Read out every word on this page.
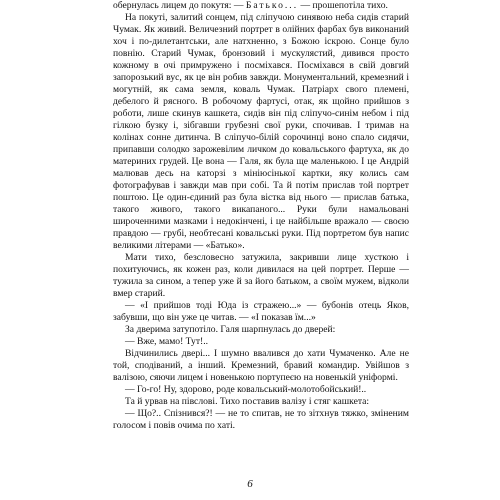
обернулась лицем до покутя: — Батько... — прошепотіла тихо.

На покуті, залитий сонцем, під сліпучою синявою неба сидів старий Чумак. Як живий. Величезний портрет в олійних фарбах був виконаний хоч і по-дилетантськи, але натхненно, з Божою іскрою. Сонце було повнію. Старий Чумак, бронзовий і мускулястий, дивився просто кожному в очі примружено і посміхався. Посміхався в свій довгий запорозький вус, як це він робив завжди. Монументальний, кремезний і могутній, як сама земля, коваль Чумак. Патріарх свого племені, дебелого й рясного. В робочому фартусі, отак, як щойно прийшов з роботи, лише скинув кашкета, сидів він під сліпучо-синім небом і під гілкою бузку і, зібгавши грубезні свої руки, спочивав. І тримав на колінах сонне дитинча. В сліпучо-білій сорочинці воно спало сидячи, припавши солодко зарожевілим личком до ковальського фартуха, як до материних грудей. Це вона — Галя, як була ще маленькою. І це Андрій малював десь на каторзі з мініюсінької картки, яку колись сам фотографував і завжди мав при собі. Та й потім прислав той портрет поштою. Це один-єдиний раз була вістка від нього — прислав батька, такого живого, такого викапаного... Руки були намальовані широченними мазками і недокінчені, і це найбільше вражало — своєю правдою — грубі, необтесані ковальські руки. Під портретом був напис великими літерами — «Батько».

Мати тихо, безсловесно затужила, закривши лице хусткою і похитуючись, як кожен раз, коли дивилася на цей портрет. Перше — тужила за сином, а тепер уже й за його батьком, а своїм мужем, відколи вмер старий.

— «І прийшов тоді Юда із стражею...» — бубонів отець Яков, забувши, що він уже це читав. — «І показав їм...»

За дверима затупотіло. Галя шарпнулась до дверей:

— Вже, мамо! Тут!..

Відчинились двері... І шумно ввалився до хати Чумаченко. Але не той, сподіваний, а інший. Кремезний, бравий командир. Увійшов з валізою, сяючи лицем і новенькою портупеєю на новенькій уніформі.

— Го-го! Ну, здорово, роде ковальський-молотобойський!..

Та й урвав на півслові. Тихо поставив валізу і стяг кашкета:

— Що?.. Спізнився?! — не то спитав, не то зітхнув тяжко, зміненим голосом і повів очима по хаті.

6
